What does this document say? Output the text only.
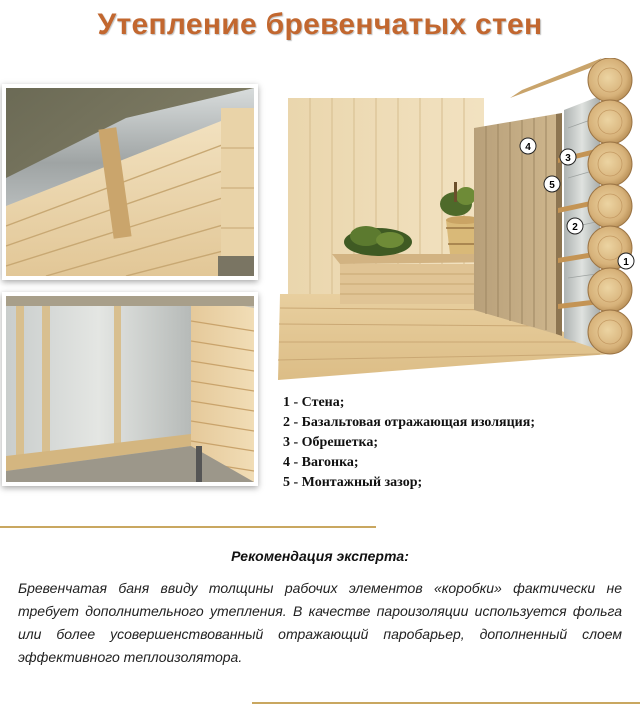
Утепление бревенчатых стен
4
3
5
2
1
1 - Стена;
2 - Базальтовая отражающая изоляция;
3 - Обрешетка;
4 - Вагонка;
5 - Монтажный зазор;
Рекомендация эксперта:
Бревенчатая баня ввиду толщины рабочих элементов «коробки» фактически не требует дополнительного утепления. В качестве пароизоляции используется фольга или более усовершенствованный отражающий паробарьер, дополненный слоем эффективного теплоизолятора.
